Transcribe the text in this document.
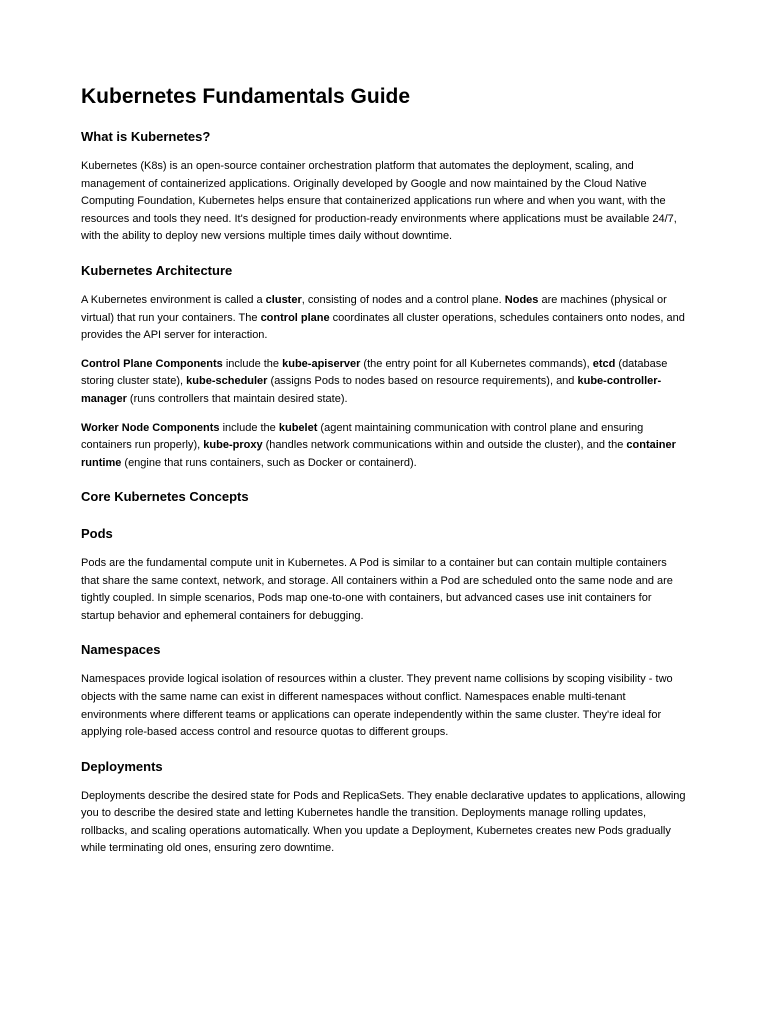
Kubernetes Fundamentals Guide
What is Kubernetes?

Kubernetes (K8s) is an open-source container orchestration platform that automates the deployment, scaling, and management of containerized applications. Originally developed by Google and now maintained by the Cloud Native Computing Foundation, Kubernetes helps ensure that containerized applications run where and when you want, with the resources and tools they need. It's designed for production-ready environments where applications must be available 24/7, with the ability to deploy new versions multiple times daily without downtime.

Kubernetes Architecture

A Kubernetes environment is called a cluster, consisting of nodes and a control plane. Nodes are machines (physical or virtual) that run your containers. The control plane coordinates all cluster operations, schedules containers onto nodes, and provides the API server for interaction.

Control Plane Components include the kube-apiserver (the entry point for all Kubernetes commands), etcd (database storing cluster state), kube-scheduler (assigns Pods to nodes based on resource requirements), and kube-controller-manager (runs controllers that maintain desired state).

Worker Node Components include the kubelet (agent maintaining communication with control plane and ensuring containers run properly), kube-proxy (handles network communications within and outside the cluster), and the container runtime (engine that runs containers, such as Docker or containerd).

Core Kubernetes Concepts
Pods

Pods are the fundamental compute unit in Kubernetes. A Pod is similar to a container but can contain multiple containers that share the same context, network, and storage. All containers within a Pod are scheduled onto the same node and are tightly coupled. In simple scenarios, Pods map one-to-one with containers, but advanced cases use init containers for startup behavior and ephemeral containers for debugging.

Namespaces

Namespaces provide logical isolation of resources within a cluster. They prevent name collisions by scoping visibility - two objects with the same name can exist in different namespaces without conflict. Namespaces enable multi-tenant environments where different teams or applications can operate independently within the same cluster. They're ideal for applying role-based access control and resource quotas to different groups.

Deployments

Deployments describe the desired state for Pods and ReplicaSets. They enable declarative updates to applications, allowing you to describe the desired state and letting Kubernetes handle the transition. Deployments manage rolling updates, rollbacks, and scaling operations automatically. When you update a Deployment, Kubernetes creates new Pods gradually while terminating old ones, ensuring zero downtime.
